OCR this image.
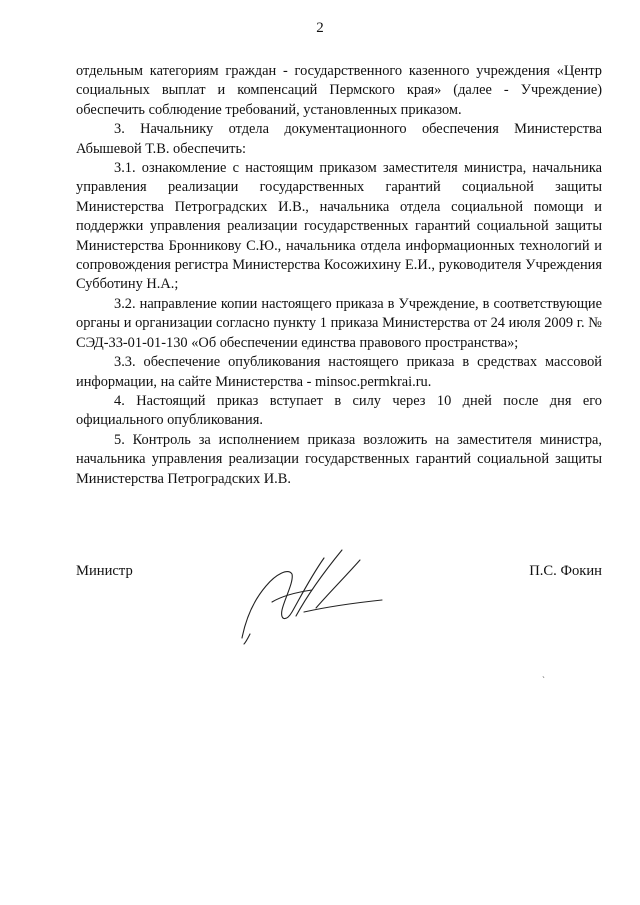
2

отдельным категориям граждан - государственного казенного учреждения «Центр социальных выплат и компенсаций Пермского края» (далее - Учреждение) обеспечить соблюдение требований, установленных приказом.

3. Начальнику отдела документационного обеспечения Министерства Абышевой Т.В. обеспечить:

3.1. ознакомление с настоящим приказом заместителя министра, начальника управления реализации государственных гарантий социальной защиты Министерства Петроградских И.В., начальника отдела социальной помощи и поддержки управления реализации государственных гарантий социальной защиты Министерства Бронникову С.Ю., начальника отдела информационных технологий и сопровождения регистра Министерства Косожихину Е.И., руководителя Учреждения Субботину Н.А.;

3.2. направление копии настоящего приказа в Учреждение, в соответствующие органы и организации согласно пункту 1 приказа Министерства от 24 июля 2009 г. № СЭД-33-01-01-130 «Об обеспечении единства правового пространства»;

3.3. обеспечение опубликования настоящего приказа в средствах массовой информации, на сайте Министерства - minsoc.permkrai.ru.

4. Настоящий приказ вступает в силу через 10 дней после дня его официального опубликования.

5. Контроль за исполнением приказа возложить на заместителя министра, начальника управления реализации государственных гарантий социальной защиты Министерства Петроградских И.В.

Министр	П.С. Фокин
ˎ
